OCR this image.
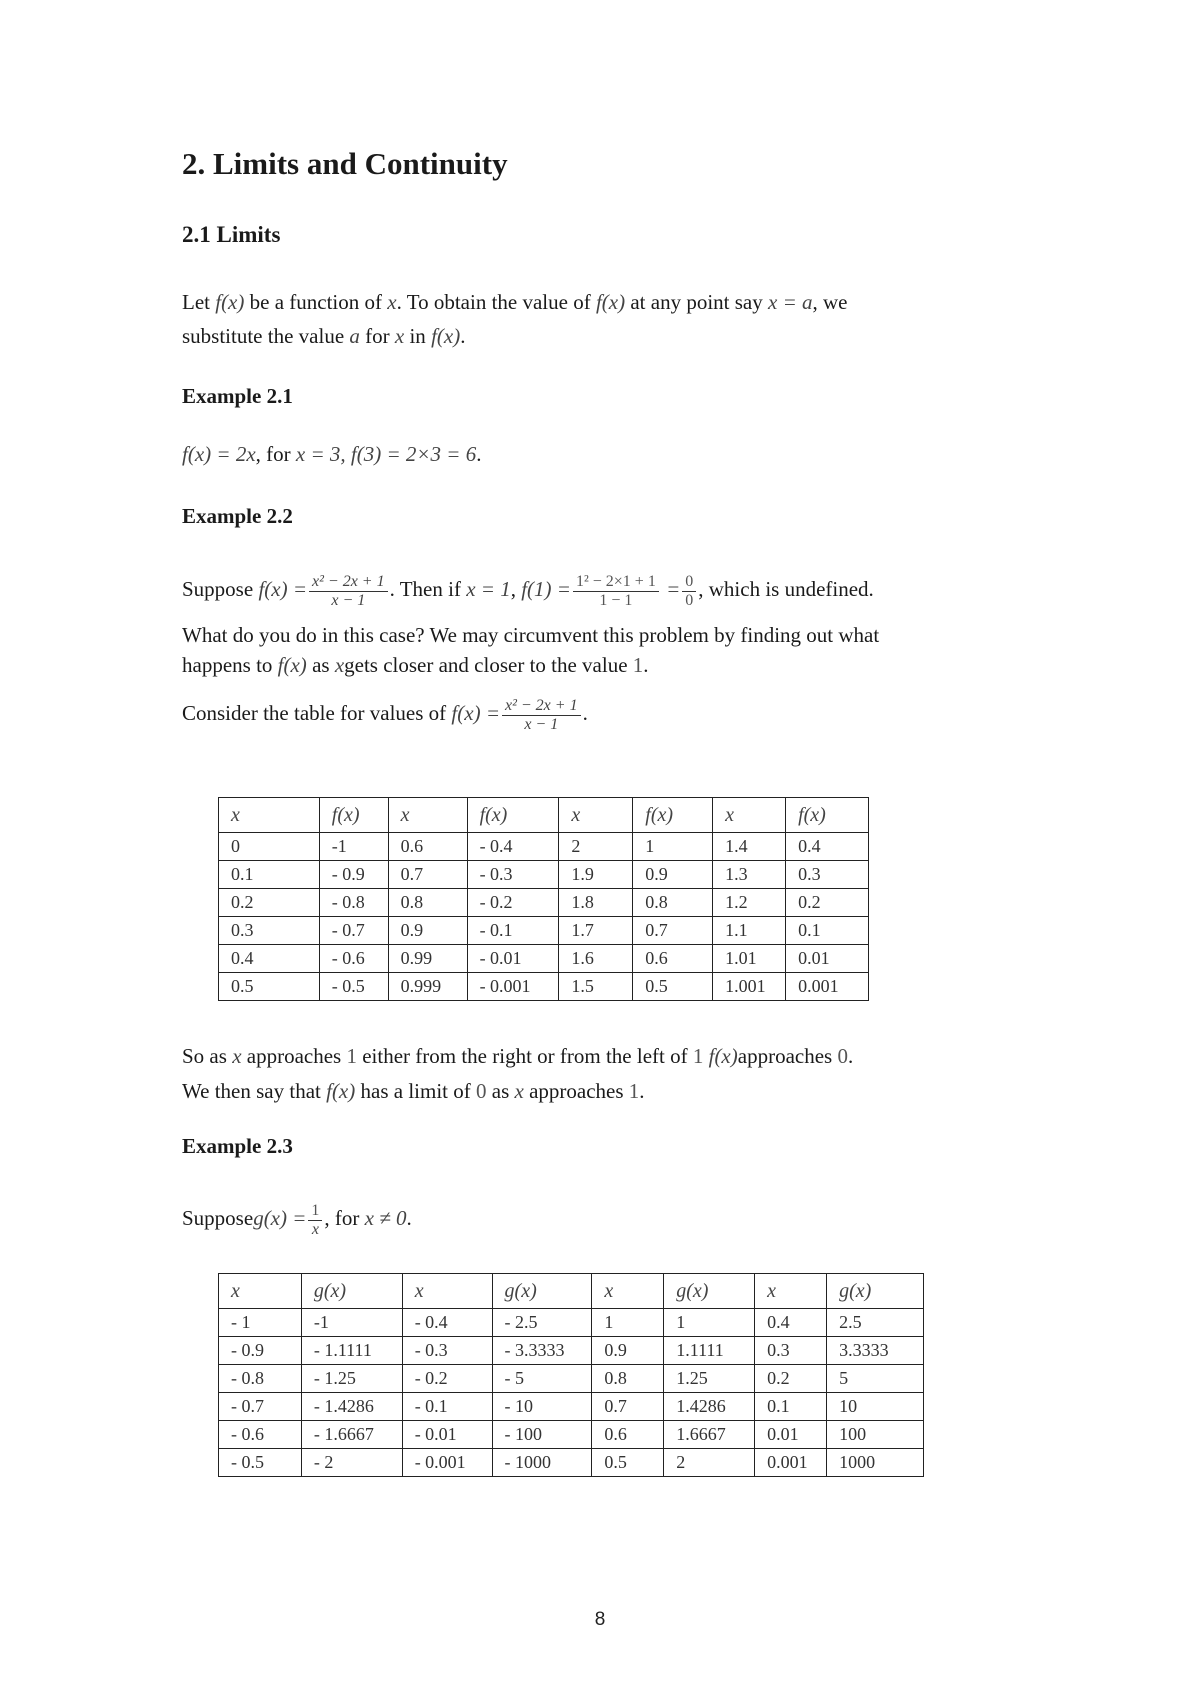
2. Limits and Continuity
2.1 Limits
Let f(x) be a function of x. To obtain the value of f(x) at any point say x = a, we
substitute the value a for x in f(x).
Example 2.1
f(x) = 2x, for x = 3, f(3) = 2×3 = 6.
Example 2.2
Suppose $f(x) = \frac{\text{x² − 2x + 1}}{x - 1}$ . Then if x = 1, $f(1) = \frac{\text{1² − 2×1 + 1}}{1 - 1} = \frac{0}{0}$ , which is undefined.
What do you do in this case? We may circumvent this problem by finding out what
happens to f(x) as xgets closer and closer to the value 1.
Consider the table for values of $f(x) = \frac{\text{x² − 2x + 1}}{x - 1}$ .
x	f(x)	x	f(x)	x	f(x)	x	f(x)
0	-1	0.6	- 0.4	2	1	1.4	0.4
0.1	- 0.9	0.7	- 0.3	1.9	0.9	1.3	0.3
0.2	- 0.8	0.8	- 0.2	1.8	0.8	1.2	0.2
0.3	- 0.7	0.9	- 0.1	1.7	0.7	1.1	0.1
0.4	- 0.6	0.99	- 0.01	1.6	0.6	1.01	0.01
0.5	- 0.5	0.999	- 0.001	1.5	0.5	1.001	0.001
So as x approaches 1 either from the right or from the left of 1 f(x)approaches 0.
We then say that f(x) has a limit of 0 as x approaches 1.
Example 2.3
Supposeg(x) = $\frac{1}{x}$ , for x ≠ 0.
x	g(x)	x	g(x)	x	g(x)	x	g(x)
- 1	-1	- 0.4	- 2.5	1	1	0.4	2.5
- 0.9	- 1.1111	- 0.3	- 3.3333	0.9	1.1111	0.3	3.3333
- 0.8	- 1.25	- 0.2	- 5	0.8	1.25	0.2	5
- 0.7	- 1.4286	- 0.1	- 10	0.7	1.4286	0.1	10
- 0.6	- 1.6667	- 0.01	- 100	0.6	1.6667	0.01	100
- 0.5	- 2	- 0.001	- 1000	0.5	2	0.001	1000
8
